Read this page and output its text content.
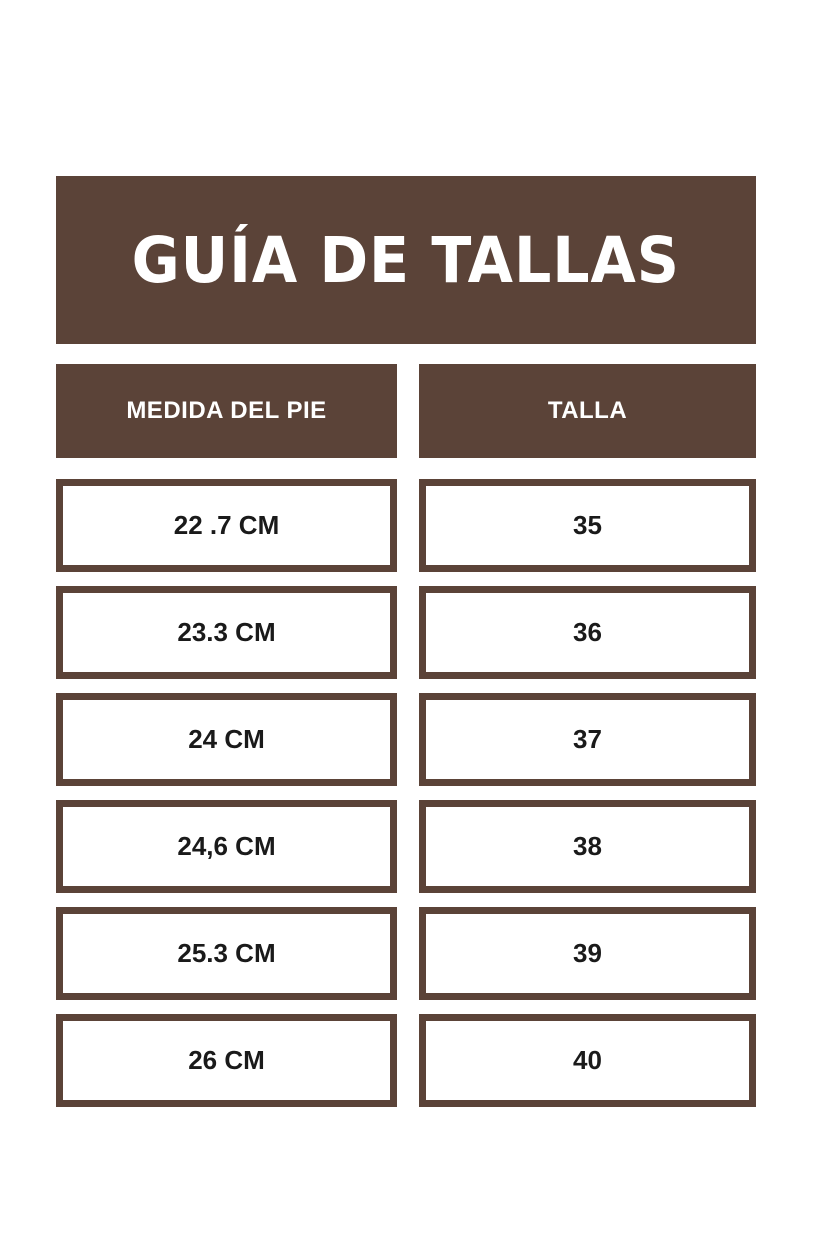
GUÍA DE TALLAS
MEDIDA DEL PIE	TALLA
22 .7 CM	35
23.3 CM	36
24 CM	37
24,6 CM	38
25.3 CM	39
26 CM	40
